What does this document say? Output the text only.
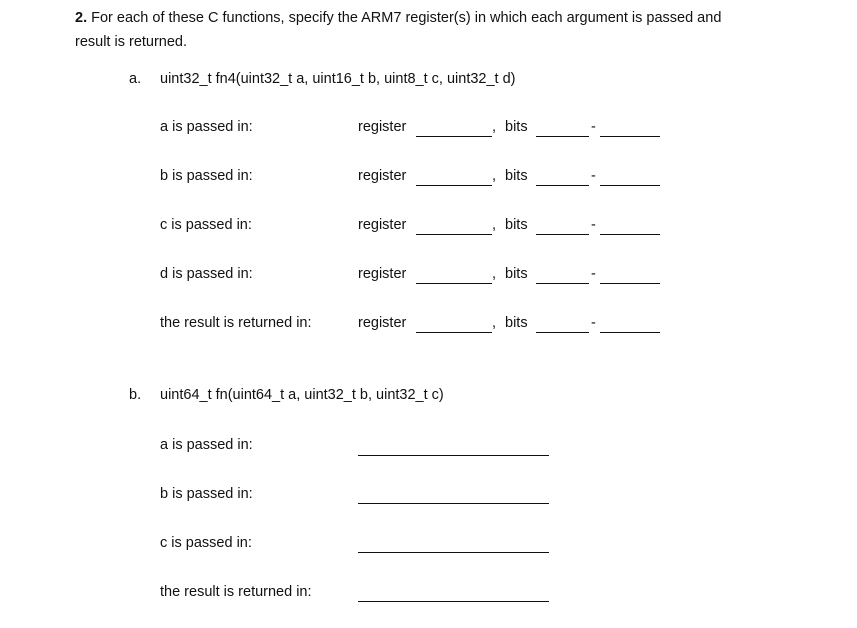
2. For each of these C functions, specify the ARM7 register(s) in which each argument is passed and
result is returned.
a. uint32_t fn4(uint32_t a, uint16_t b, uint8_t c, uint32_t d)
a is passed in:	register	, bits	-
b is passed in:	register	, bits	-
c is passed in:	register	, bits	-
d is passed in:	register	, bits	-
the result is returned in:	register	, bits	-
b. uint64_t fn(uint64_t a, uint32_t b, uint32_t c)
a is passed in:
b is passed in:
c is passed in:
the result is returned in:
